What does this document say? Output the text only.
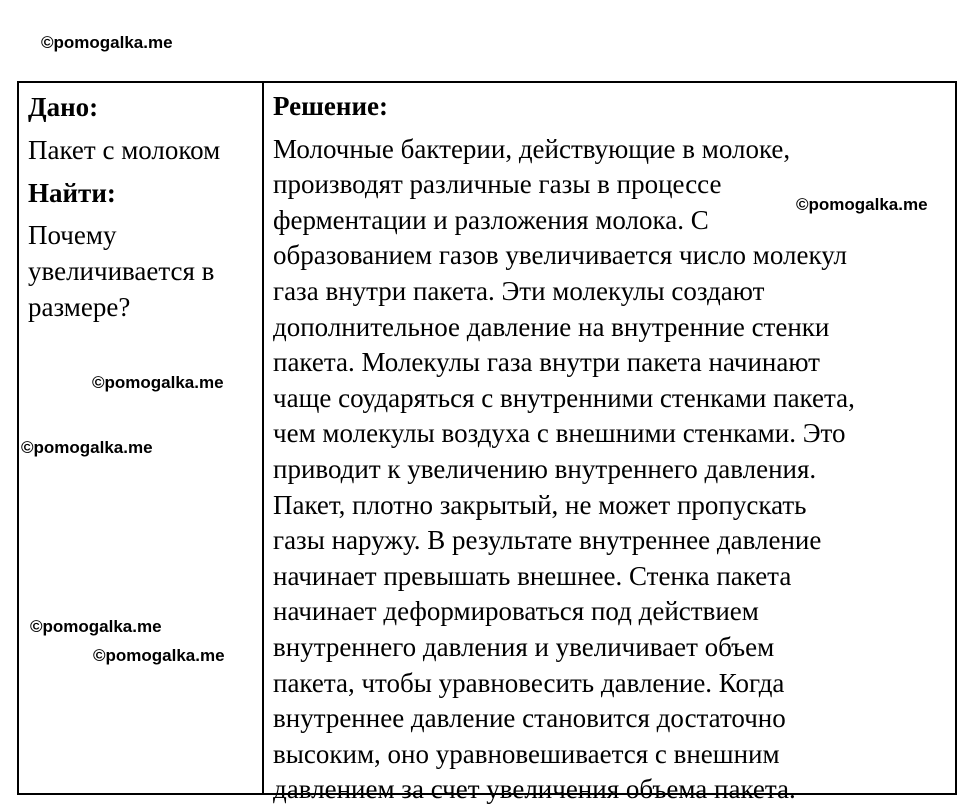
©pomogalka.me
Дано:
Пакет с молоком
Найти:
Почему
увеличивается в
размере?
Решение:
Молочные бактерии, действующие в молоке,
производят различные газы в процессе
ферментации и разложения молока. С
образованием газов увеличивается число молекул
газа внутри пакета. Эти молекулы создают
дополнительное давление на внутренние стенки
пакета. Молекулы газа внутри пакета начинают
чаще соударяться с внутренними стенками пакета,
чем молекулы воздуха с внешними стенками. Это
приводит к увеличению внутреннего давления.
Пакет, плотно закрытый, не может пропускать
газы наружу. В результате внутреннее давление
начинает превышать внешнее. Стенка пакета
начинает деформироваться под действием
внутреннего давления и увеличивает объем
пакета, чтобы уравновесить давление. Когда
внутреннее давление становится достаточно
высоким, оно уравновешивается с внешним
давлением за счет увеличения объема пакета.
©pomogalka.me
©pomogalka.me
©pomogalka.me
©pomogalka.me
©pomogalka.me
